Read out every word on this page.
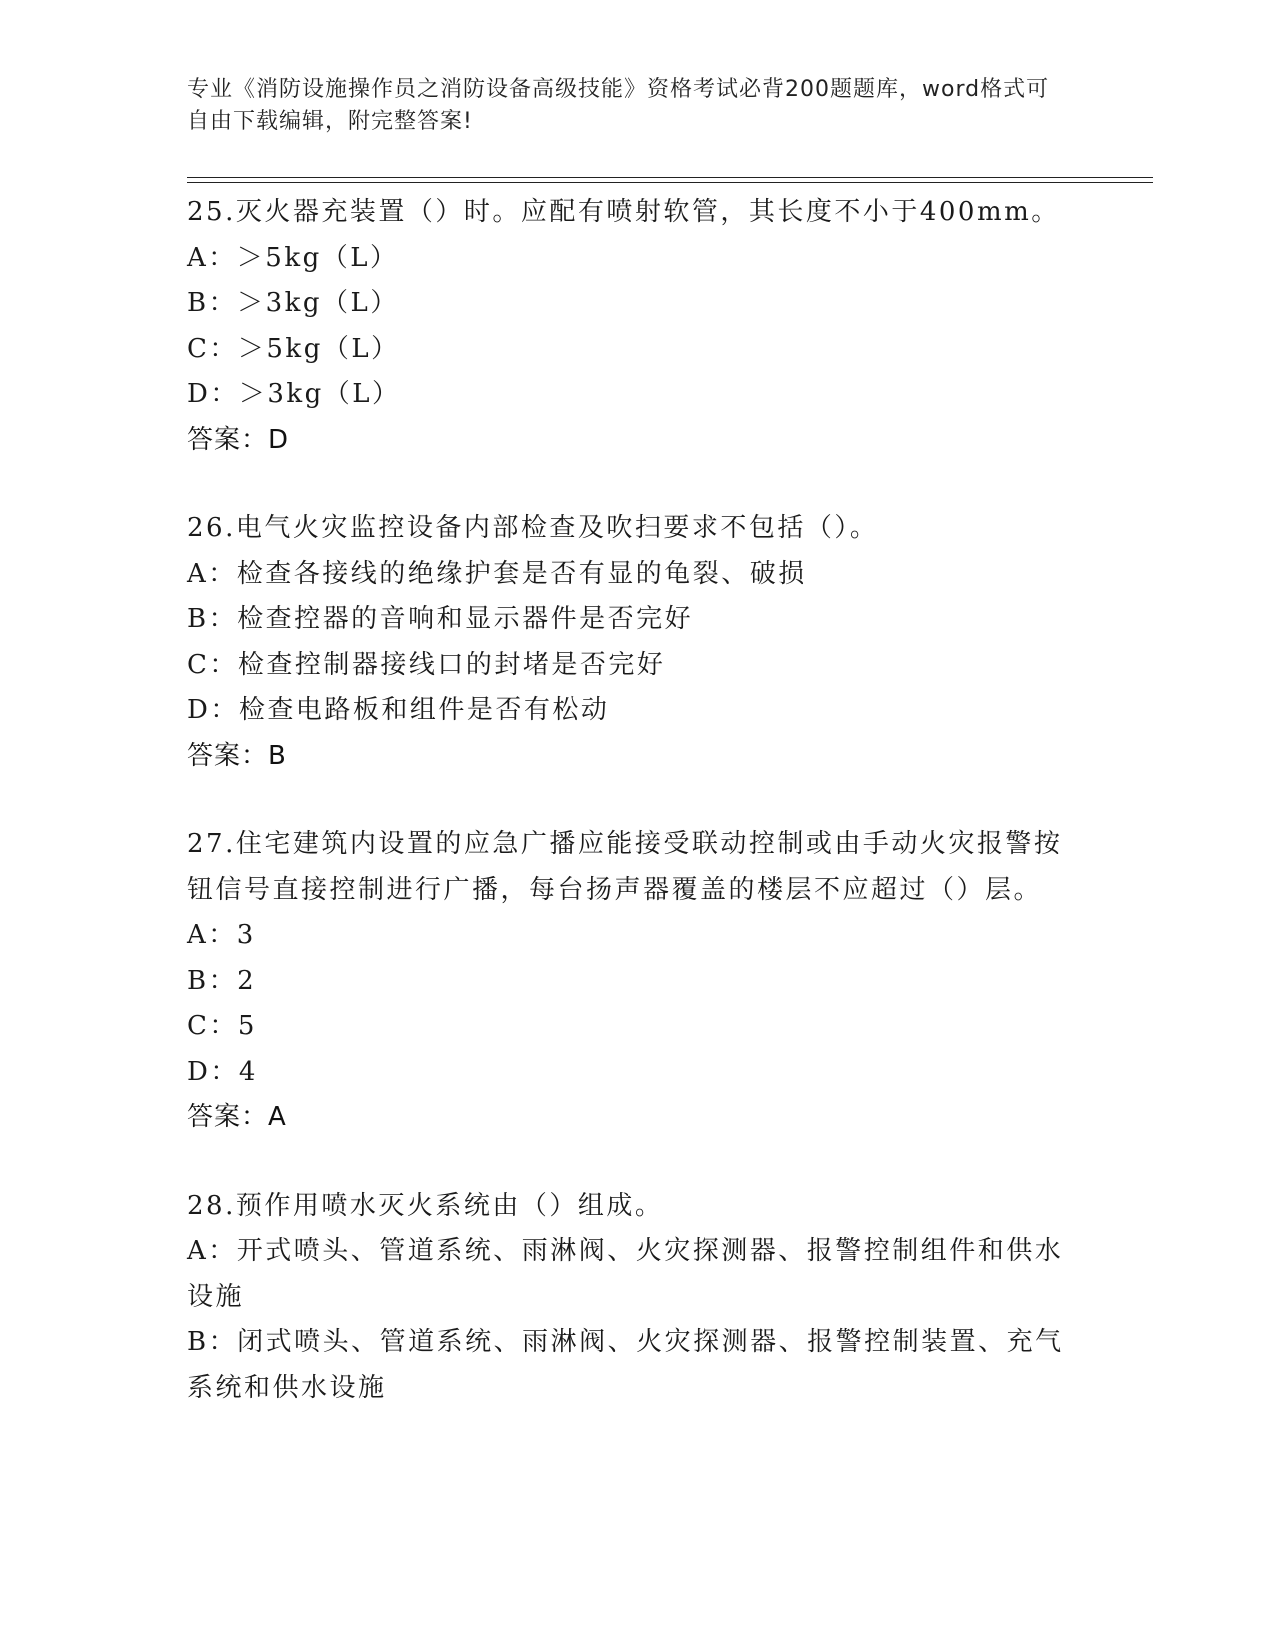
专业《消防设施操作员之消防设备高级技能》资格考试必背200题题库，word格式可自由下载编辑，附完整答案!
25.灭火器充装置（）时。应配有喷射软管，其长度不小于400mm。
A：＞5kg（L）
B：＞3kg（L）
C：＞5kg（L）
D：＞3kg（L）
答案：D
26.电气火灾监控设备内部检查及吹扫要求不包括（）。
A：检查各接线的绝缘护套是否有显的龟裂、破损
B：检查控器的音响和显示器件是否完好
C：检查控制器接线口的封堵是否完好
D：检查电路板和组件是否有松动
答案：B
27.住宅建筑内设置的应急广播应能接受联动控制或由手动火灾报警按钮信号直接控制进行广播，每台扬声器覆盖的楼层不应超过（）层。
A：3
B：2
C：5
D：4
答案：A
28.预作用喷水灭火系统由（）组成。
A：开式喷头、管道系统、雨淋阀、火灾探测器、报警控制组件和供水设施
B：闭式喷头、管道系统、雨淋阀、火灾探测器、报警控制装置、充气系统和供水设施
